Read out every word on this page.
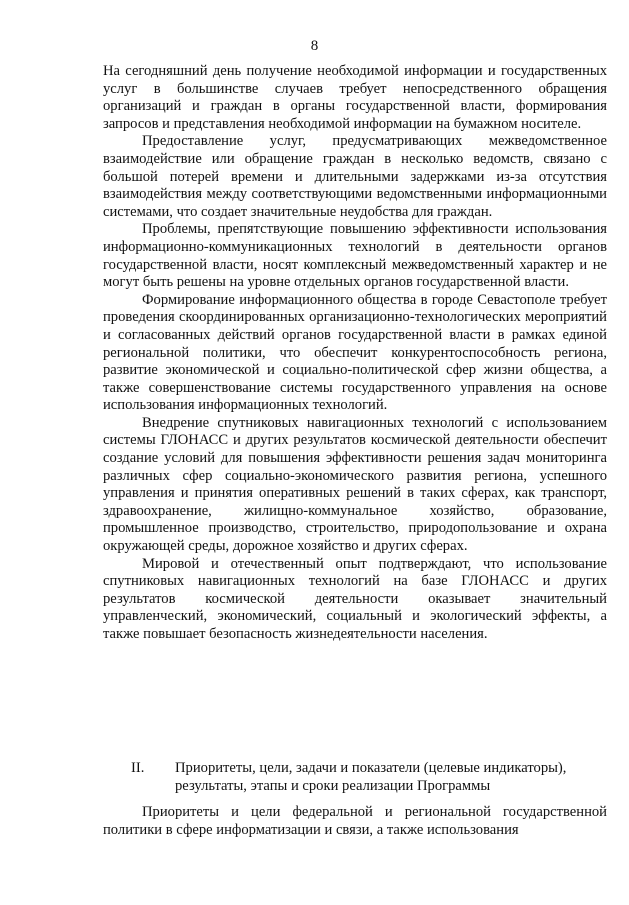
8

На сегодняшний день получение необходимой информации и государственных услуг в большинстве случаев требует непосредственного обращения организаций и граждан в органы государственной власти, формирования запросов и представления необходимой информации на бумажном носителе.

Предоставление услуг, предусматривающих межведомственное взаимодействие или обращение граждан в несколько ведомств, связано с большой потерей времени и длительными задержками из-за отсутствия взаимодействия между соответствующими ведомственными информационными системами, что создает значительные неудобства для граждан.

Проблемы, препятствующие повышению эффективности использования информационно-коммуникационных технологий в деятельности органов государственной власти, носят комплексный межведомственный характер и не могут быть решены на уровне отдельных органов государственной власти.

Формирование информационного общества в городе Севастополе требует проведения скоординированных организационно-технологических мероприятий и согласованных действий органов государственной власти в рамках единой региональной политики, что обеспечит конкурентоспособность региона, развитие экономической и социально-политической сфер жизни общества, а также совершенствование системы государственного управления на основе использования информационных технологий.

Внедрение спутниковых навигационных технологий с использованием системы ГЛОНАСС и других результатов космической деятельности обеспечит создание условий для повышения эффективности решения задач мониторинга различных сфер социально-экономического развития региона, успешного управления и принятия оперативных решений в таких сферах, как транспорт, здравоохранение, жилищно-коммунальное хозяйство, образование, промышленное производство, строительство, природопользование и охрана окружающей среды, дорожное хозяйство и других сферах.

Мировой и отечественный опыт подтверждают, что использование спутниковых навигационных технологий на базе ГЛОНАСС и других результатов космической деятельности оказывает значительный управленческий, экономический, социальный и экологический эффекты, а также повышает безопасность жизнедеятельности населения.

II. Приоритеты, цели, задачи и показатели (целевые индикаторы), результаты, этапы и сроки реализации Программы

Приоритеты и цели федеральной и региональной государственной политики в сфере информатизации и связи, а также использования
